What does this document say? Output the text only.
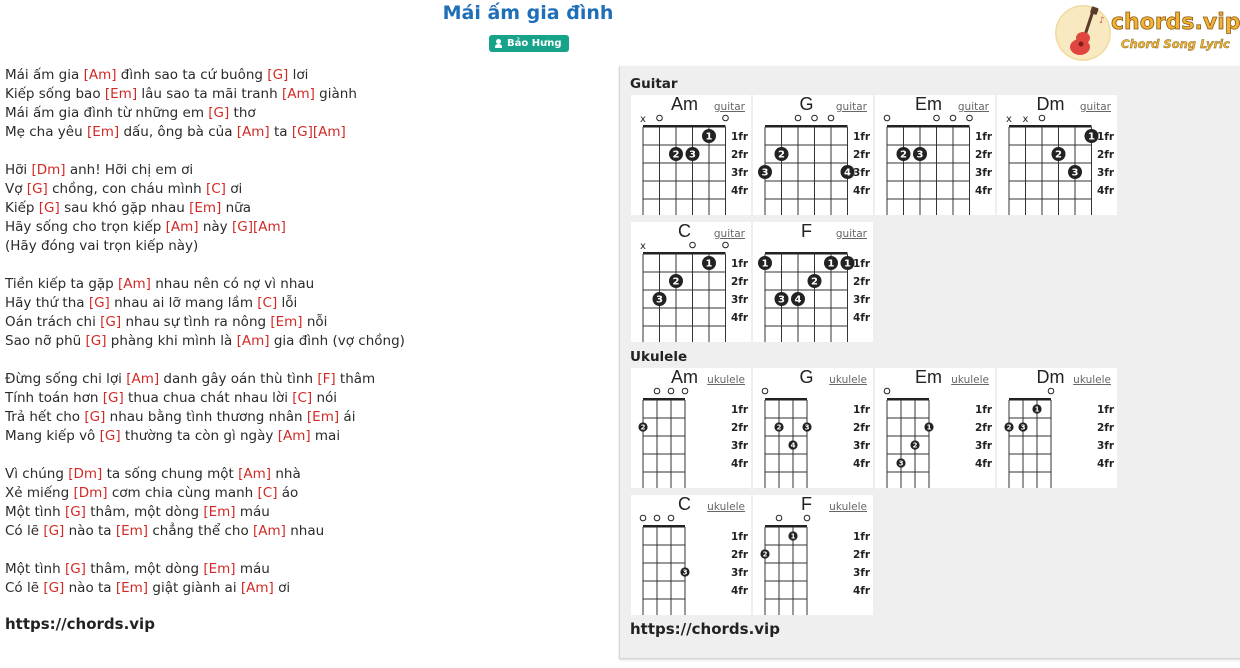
Mái ấm gia đình
Bảo Hưng
♪ chords.vip
Chord Song Lyric
Mái ấm gia [Am] đình sao ta cứ buông [G] lơi
Kiếp sống bao [Em] lâu sao ta mãi tranh [Am] giành
Mái ấm gia đình từ những em [G] thơ
Mẹ cha yêu [Em] dấu, ông bà của [Am] ta [G][Am]
Hỡi [Dm] anh! Hỡi chị em ơi
Vợ [G] chồng, con cháu mình [C] ơi
Kiếp [G] sau khó gặp nhau [Em] nữa
Hãy sống cho trọn kiếp [Am] này [G][Am]
(Hãy đóng vai trọn kiếp này)
Tiền kiếp ta gặp [Am] nhau nên có nợ vì nhau
Hãy thứ tha [G] nhau ai lỡ mang lầm [C] lỗi
Oán trách chi [G] nhau sự tình ra nông [Em] nỗi
Sao nỡ phũ [G] phàng khi mình là [Am] gia đình (vợ chồng)
Đừng sống chi lợi [Am] danh gây oán thù tình [F] thâm
Tính toán hơn [G] thua chua chát nhau lời [C] nói
Trả hết cho [G] nhau bằng tình thương nhân [Em] ái
Mang kiếp vô [G] thường ta còn gì ngày [Am] mai
Vì chúng [Dm] ta sống chung một [Am] nhà
Xẻ miếng [Dm] cơm chia cùng manh [C] áo
Một tình [G] thâm, một dòng [Em] máu
Có lẽ [G] nào ta [Em] chẳng thể cho [Am] nhau
Một tình [G] thâm, một dòng [Em] máu
Có lẽ [G] nào ta [Em] giật giành ai [Am] ơi
https://chords.vip
Guitar
Ukulele
x
1
2 3
1fr
2fr
3fr
4fr
Am	guitar
2
3	4
1fr
2fr
3fr
4fr
G	guitar
2 3
1fr
2fr
3fr
4fr
Em	guitar
x x
1
2
3
1fr
2fr
3fr
4fr
Dm	guitar
x
1
2
3
1fr
2fr
3fr
4fr
C	guitar
1	1 1
2
3 4
1fr
2fr
3fr
4fr
F	guitar
2
1fr
2fr
3fr
4fr
Am ukulele
2	3
4
1fr
2fr
3fr
4fr
G	ukulele
1
2
3
1fr
2fr
3fr
4fr
Em ukulele
1
2 3
1fr
2fr
3fr
4fr
Dm ukulele
3
1fr
2fr
3fr
4fr
C	ukulele
2
1	1fr
2fr
3fr
4fr
F	ukulele
https://chords.vip
